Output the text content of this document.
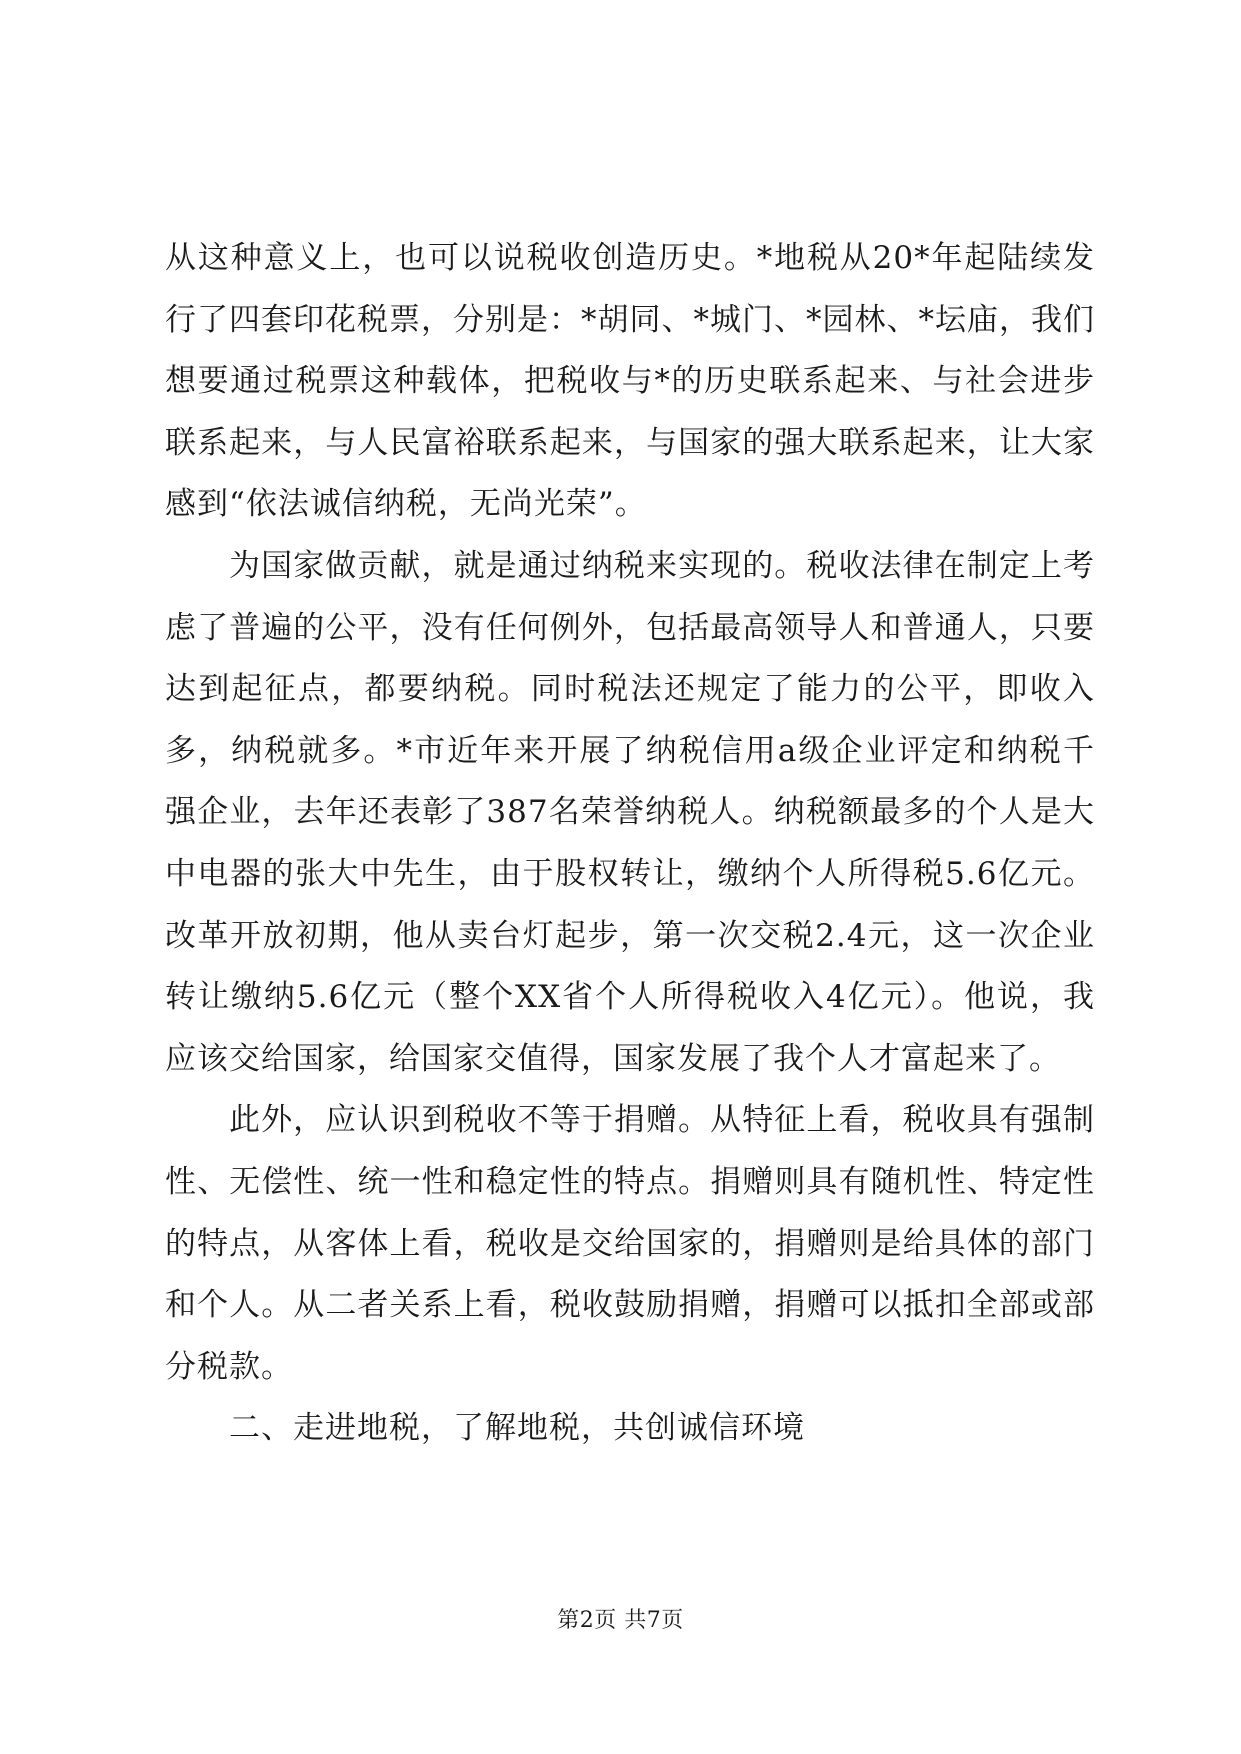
从这种意义上，也可以说税收创造历史。*地税从20*年起陆续发行了四套印花税票，分别是：*胡同、*城门、*园林、*坛庙，我们想要通过税票这种载体，把税收与*的历史联系起来、与社会进步联系起来，与人民富裕联系起来，与国家的强大联系起来，让大家感到“依法诚信纳税，无尚光荣”。

为国家做贡献，就是通过纳税来实现的。税收法律在制定上考虑了普遍的公平，没有任何例外，包括最高领导人和普通人，只要达到起征点，都要纳税。同时税法还规定了能力的公平，即收入多，纳税就多。*市近年来开展了纳税信用a级企业评定和纳税千强企业，去年还表彰了387名荣誉纳税人。纳税额最多的个人是大中电器的张大中先生，由于股权转让，缴纳个人所得税5.6亿元。改革开放初期，他从卖台灯起步，第一次交税2.4元，这一次企业转让缴纳5.6亿元（整个XX省个人所得税收入4亿元）。他说，我应该交给国家，给国家交值得，国家发展了我个人才富起来了。

此外，应认识到税收不等于捐赠。从特征上看，税收具有强制性、无偿性、统一性和稳定性的特点。捐赠则具有随机性、特定性的特点，从客体上看，税收是交给国家的，捐赠则是给具体的部门和个人。从二者关系上看，税收鼓励捐赠，捐赠可以抵扣全部或部分税款。

二、走进地税，了解地税，共创诚信环境

第2页 共7页
